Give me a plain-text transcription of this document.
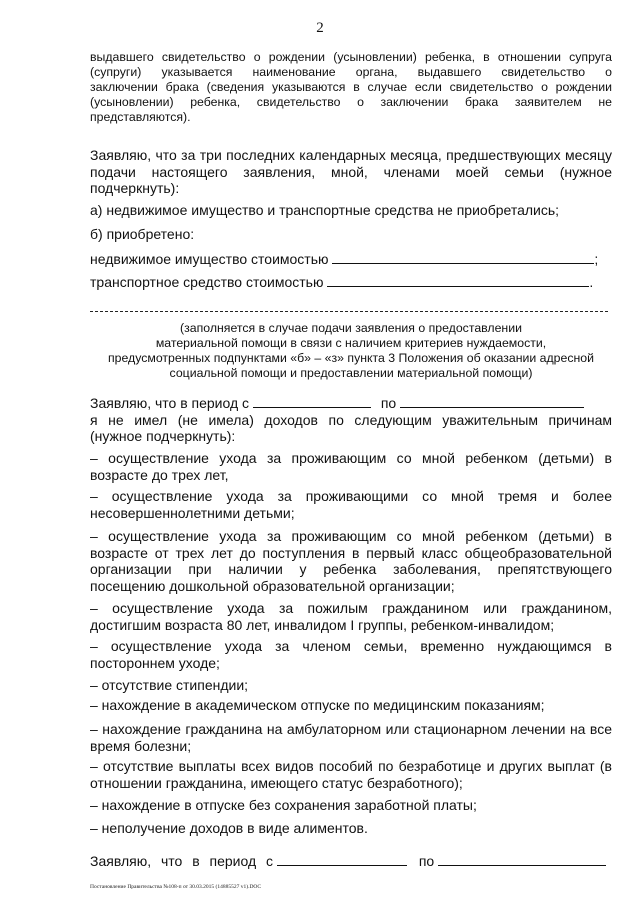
2

выдавшего свидетельство о рождении (усыновлении) ребенка, в отношении супруга

(супруги) указывается наименование органа, выдавшего свидетельство о

заключении брака (сведения указываются в случае если свидетельство о рождении

(усыновлении) ребенка, свидетельство о заключении брака заявителем не

представляются).

Заявляю, что за три последних календарных месяца, предшествующих месяцу подачи настоящего заявления, мной, членами моей семьи (нужное подчеркнуть):

а) недвижимое имущество и транспортные средства не приобретались;

б) приобретено:

недвижимое имущество стоимостью	;

транспортное средство стоимостью	.

(заполняется в случае подачи заявления о предоставлении

материальной помощи в связи с наличием критериев нуждаемости,

предусмотренных подпунктами «б» – «з» пункта 3 Положения об оказании адресной

социальной помощи и предоставлении материальной помощи)

Заявляю, что в период с	по

я не имел (не имела) доходов по следующим уважительным причинам

(нужное подчеркнуть):

– осуществление ухода за проживающим со мной ребенком (детьми) в возрасте до трех лет,

– осуществление ухода за проживающими со мной тремя и более несовершеннолетними детьми;

– осуществление ухода за проживающим со мной ребенком (детьми) в возрасте от трех лет до поступления в первый класс общеобразовательной организации при наличии у ребенка заболевания, препятствующего посещению дошкольной образовательной организации;

– осуществление ухода за пожилым гражданином или гражданином, достигшим возраста 80 лет, инвалидом I группы, ребенком-инвалидом;

– осуществление ухода за членом семьи, временно нуждающимся в постороннем уходе;

– отсутствие стипендии;

– нахождение в академическом отпуске по медицинским показаниям;

– нахождение гражданина на амбулаторном или стационарном лечении на все время болезни;

– отсутствие выплаты всех видов пособий по безработице и других выплат (в отношении гражданина, имеющего статус безработного);

– нахождение в отпуске без сохранения заработной платы;

– неполучение доходов в виде алиментов.

Заявляю, что в период с	по

Постановление Правительства №108-п от 30.03.2015 (14885527 v1).DOC
